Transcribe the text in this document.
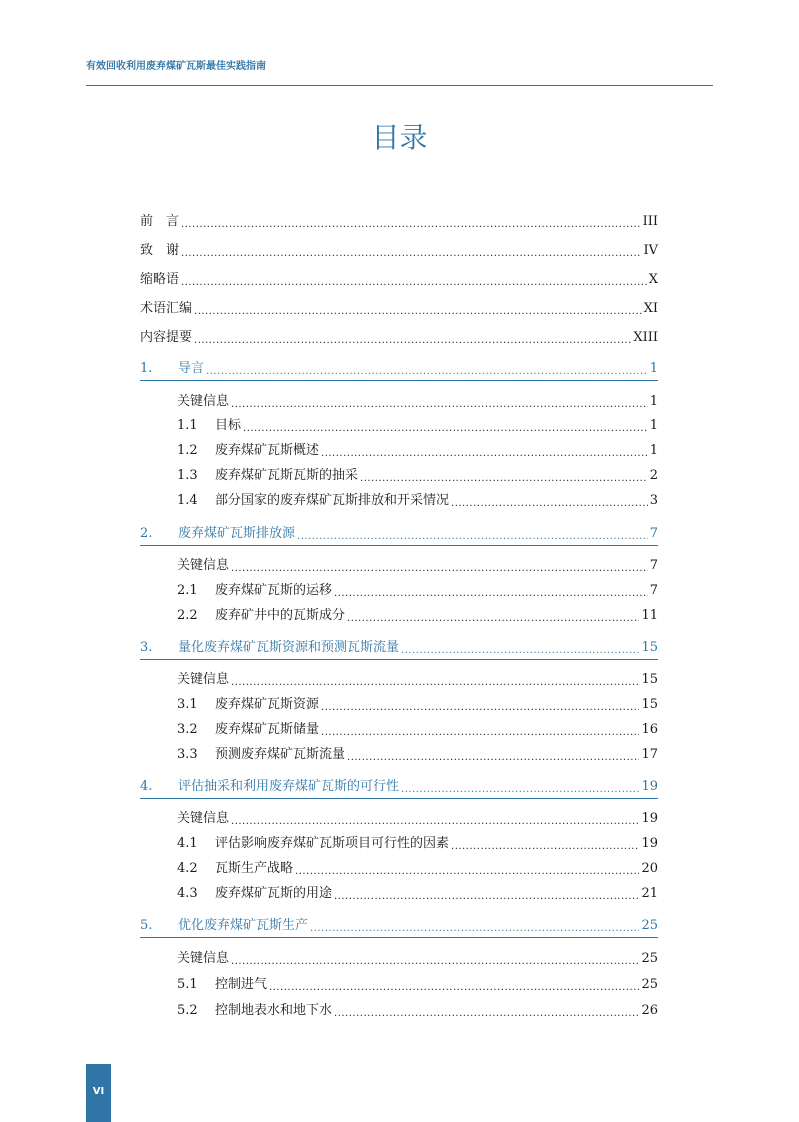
有效回收利用废弃煤矿瓦斯最佳实践指南
目录
前　言 .....	III
致　谢 .....	IV
缩略语 .....	X
术语汇编 .....	XI
内容提要 .....	XIII
1.	导言 .....	1
关键信息 .....	1
1.1	目标 .....	1
1.2	废弃煤矿瓦斯概述 .....	1
1.3	废弃煤矿瓦斯瓦斯的抽采 .....	2
1.4	部分国家的废弃煤矿瓦斯排放和开采情况 .....	3
2.	废弃煤矿瓦斯排放源 .....	7
关键信息 .....	7
2.1	废弃煤矿瓦斯的运移 .....	7
2.2	废弃矿井中的瓦斯成分 .....	11
3.	量化废弃煤矿瓦斯资源和预测瓦斯流量 .....	15
关键信息 .....	15
3.1	废弃煤矿瓦斯资源 .....	15
3.2	废弃煤矿瓦斯储量 .....	16
3.3	预测废弃煤矿瓦斯流量 .....	17
4.	评估抽采和利用废弃煤矿瓦斯的可行性 .....	19
关键信息 .....	19
4.1	评估影响废弃煤矿瓦斯项目可行性的因素 .....	19
4.2	瓦斯生产战略 .....	20
4.3	废弃煤矿瓦斯的用途 .....	21
5.	优化废弃煤矿瓦斯生产 .....	25
关键信息 .....	25
5.1	控制进气 .....	25
5.2	控制地表水和地下水 .....	26
VI
